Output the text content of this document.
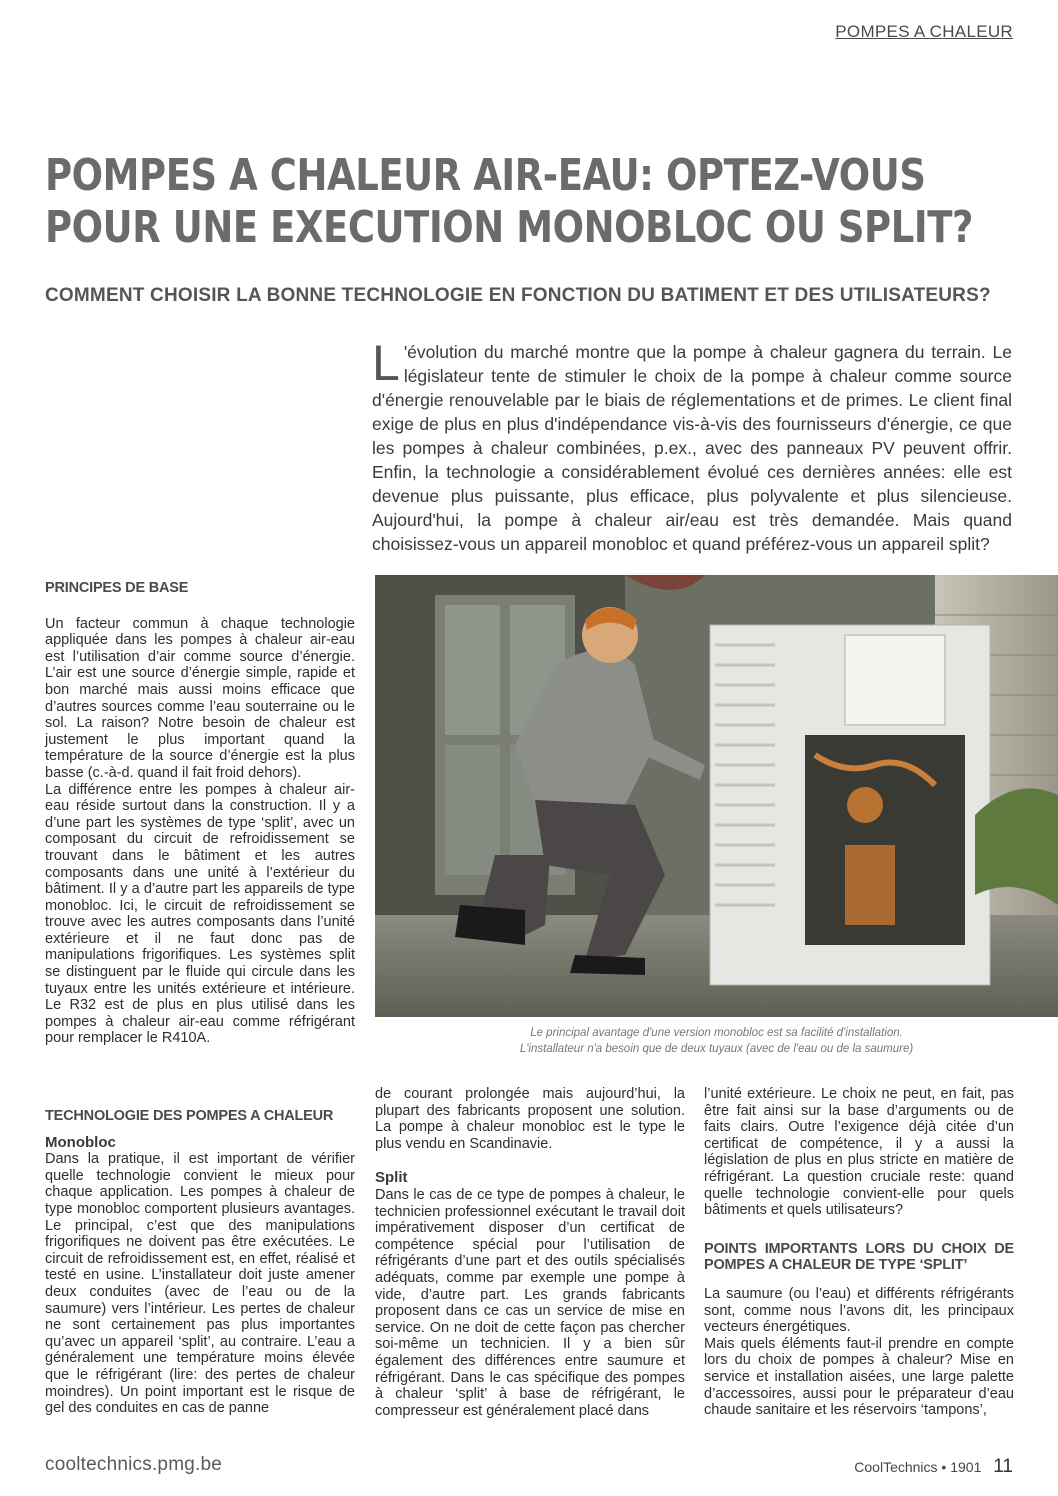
POMPES A CHALEUR
POMPES A CHALEUR AIR-EAU: OPTEZ-VOUS
POUR UNE EXECUTION MONOBLOC OU SPLIT?
COMMENT CHOISIR LA BONNE TECHNOLOGIE EN FONCTION DU BATIMENT ET DES UTILISATEURS?

L 'évolution du marché montre que la pompe à chaleur gagnera du terrain. Le législateur tente de stimuler le choix de la pompe à chaleur comme source d'énergie renouvelable par le biais de réglementations et de primes. Le client final exige de plus en plus d'indépendance vis-à-vis des fournisseurs d'énergie, ce que les pompes à chaleur combinées, p.ex., avec des panneaux PV peuvent offrir. Enfin, la technologie a considérablement évolué ces dernières années: elle est devenue plus puissante, plus efficace, plus polyvalente et plus silencieuse. Aujourd'hui, la pompe à chaleur air/eau est très demandée. Mais quand choisissez-vous un appareil monobloc et quand préférez-vous un appareil split?

PRINCIPES DE BASE

Un facteur commun à chaque technologie appliquée dans les pompes à chaleur air-eau est l’utilisation d’air comme source d’énergie. L’air est une source d’énergie simple, rapide et bon marché mais aussi moins efficace que d’autres sources comme l’eau souterraine ou le sol. La raison? Notre besoin de chaleur est justement le plus important quand la température de la source d’énergie est la plus basse (c.-à-d. quand il fait froid dehors).

La différence entre les pompes à chaleur air-eau réside surtout dans la construction. Il y a d’une part les systèmes de type ‘split’, avec un composant du circuit de refroidissement se trouvant dans le bâtiment et les autres composants dans une unité à l’extérieur du bâtiment. Il y a d’autre part les appareils de type monobloc. Ici, le circuit de refroidissement se trouve avec les autres composants dans l’unité extérieure et il ne faut donc pas de manipulations frigorifiques. Les systèmes split se distinguent par le fluide qui circule dans les tuyaux entre les unités extérieure et intérieure. Le R32 est de plus en plus utilisé dans les pompes à chaleur air-eau comme réfrigérant pour remplacer le R410A.

TECHNOLOGIE DES POMPES A CHALEUR
Monobloc

Dans la pratique, il est important de vérifier quelle technologie convient le mieux pour chaque application. Les pompes à chaleur de type monobloc comportent plusieurs avantages. Le principal, c’est que des manipulations frigorifiques ne doivent pas être exécutées. Le circuit de refroidissement est, en effet, réalisé et testé en usine. L’installateur doit juste amener deux conduites (avec de l’eau ou de la saumure) vers l’intérieur. Les pertes de chaleur ne sont certainement pas plus importantes qu’avec un appareil ‘split’, au contraire. L’eau a généralement une température moins élevée que le réfrigérant (lire: des pertes de chaleur moindres). Un point important est le risque de gel des conduites en cas de panne

Le principal avantage d'une version monobloc est sa facilité d'installation.
L'installateur n'a besoin que de deux tuyaux (avec de l'eau ou de la saumure)

de courant prolongée mais aujourd’hui, la plupart des fabricants proposent une solution. La pompe à chaleur monobloc est le type le plus vendu en Scandinavie.

Split

Dans le cas de ce type de pompes à chaleur, le technicien professionnel exécutant le travail doit impérativement disposer d’un certificat de compétence spécial pour l’utilisation de réfrigérants d’une part et des outils spécialisés adéquats, comme par exemple une pompe à vide, d’autre part. Les grands fabricants proposent dans ce cas un service de mise en service. On ne doit de cette façon pas chercher soi-même un technicien. Il y a bien sûr également des différences entre saumure et réfrigérant. Dans le cas spécifique des pompes à chaleur ‘split’ à base de réfrigérant, le compresseur est généralement placé dans

l’unité extérieure. Le choix ne peut, en fait, pas être fait ainsi sur la base d’arguments ou de faits clairs. Outre l’exigence déjà citée d’un certificat de compétence, il y a aussi la législation de plus en plus stricte en matière de réfrigérant. La question cruciale reste: quand quelle technologie convient-elle pour quels bâtiments et quels utilisateurs?

POINTS IMPORTANTS LORS DU CHOIX DE POMPES A CHALEUR DE TYPE ‘SPLIT’

La saumure (ou l’eau) et différents réfrigérants sont, comme nous l’avons dit, les principaux vecteurs énergétiques.

Mais quels éléments faut-il prendre en compte lors du choix de pompes à chaleur? Mise en service et installation aisées, une large palette d’accessoires, aussi pour le préparateur d’eau chaude sanitaire et les réservoirs ‘tampons’,

cooltechnics.pmg.be	CoolTechnics • 1901 11
